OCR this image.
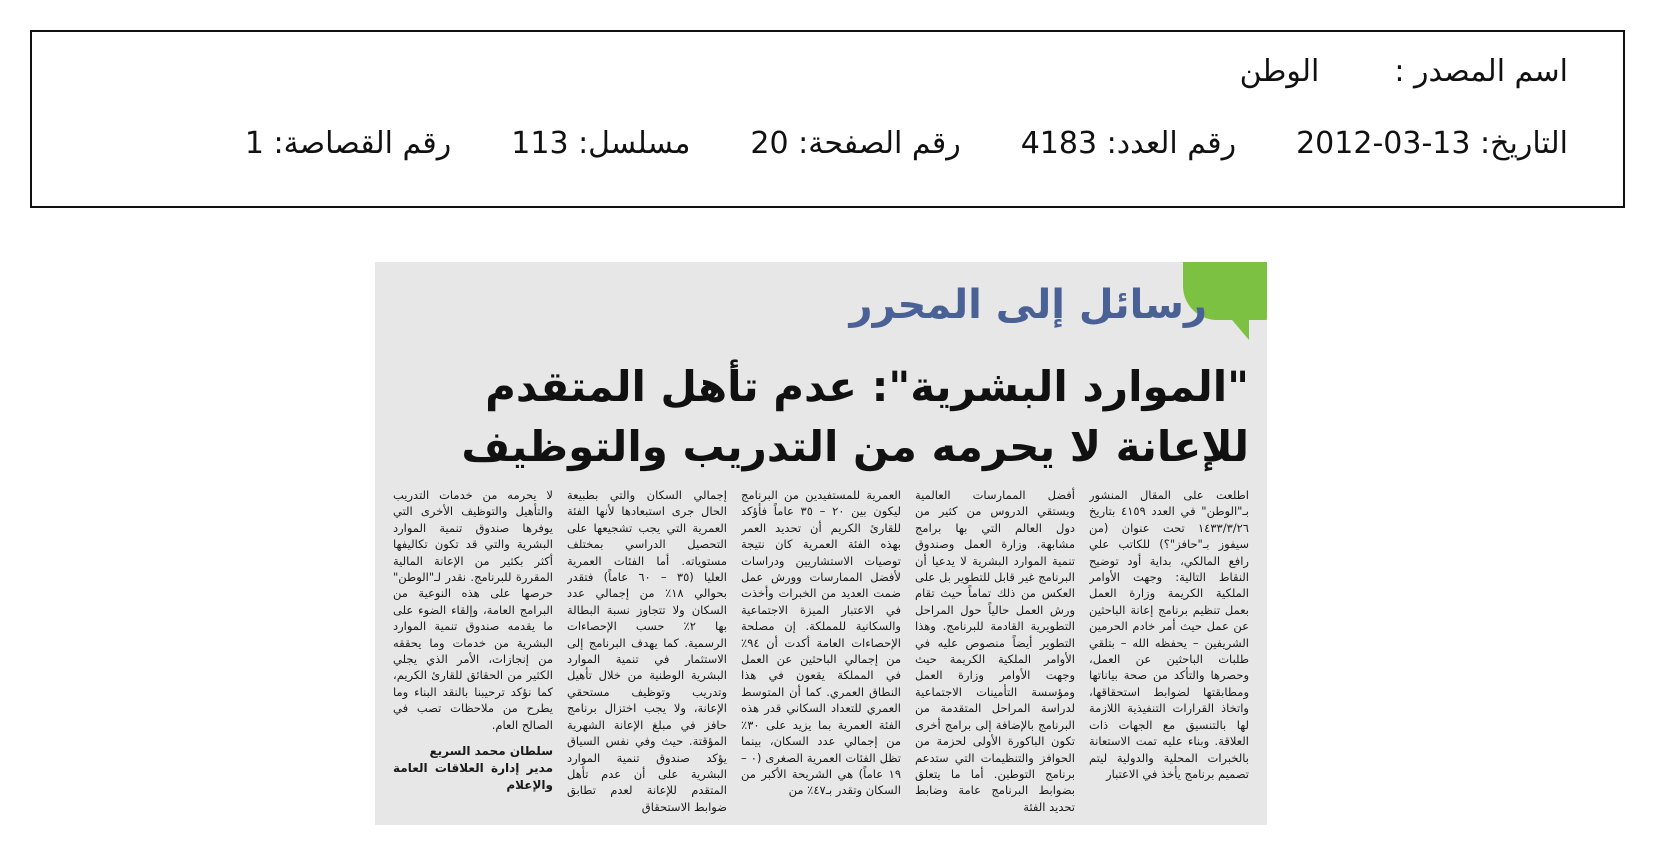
اسم المصدر :
الوطن
التاريخ: 13-03-2012
رقم العدد: 4183
رقم الصفحة: 20
مسلسل: 113
رقم القصاصة: 1
رسائل إلى المحرر
"الموارد البشرية": عدم تأهل المتقدم للإعانة لا يحرمه من التدريب والتوظيف

اطلعت على المقال المنشور بـ"الوطن" في العدد ٤١٥٩ بتاريخ ١٤٣٣/٣/٢٦ تحت عنوان (من سيفوز بـ"حافز"؟) للكاتب علي رافع المالكي، بداية أود توضيح النقاط التالية: وجهت الأوامر الملكية الكريمة وزارة العمل بعمل تنظيم برنامج إعانة الباحثين عن عمل حيث أمر خادم الحرمين الشريفين – يحفظه الله – بتلقي طلبات الباحثين عن العمل، وحصرها والتأكد من صحة بياناتها ومطابقتها لضوابط استحقاقها، واتخاذ القرارات التنفيذية اللازمة لها بالتنسيق مع الجهات ذات العلاقة. وبناء عليه تمت الاستعانة بالخبرات المحلية والدولية ليتم تصميم برنامج يأخذ في الاعتبار

أفضل الممارسات العالمية ويستقي الدروس من كثير من دول العالم التي بها برامج مشابهة. وزارة العمل وصندوق تنمية الموارد البشرية لا يدعيا أن البرنامج غير قابل للتطوير بل على العكس من ذلك تماماً حيث تقام ورش العمل حالياً حول المراحل التطويرية القادمة للبرنامج. وهذا التطوير أيضاً منصوص عليه في الأوامر الملكية الكريمة حيث وجهت الأوامر وزارة العمل ومؤسسة التأمينات الاجتماعية لدراسة المراحل المتقدمة من البرنامج بالإضافة إلى برامج أخرى تكون الباكورة الأولى لحزمة من الحوافز والتنظيمات التي ستدعم برنامج التوطين. أما ما يتعلق بضوابط البرنامج عامة وضابط تحديد الفئة

العمرية للمستفيدين من البرنامج ليكون بين ٢٠ – ٣٥ عاماً فأؤكد للقارئ الكريم أن تحديد العمر بهذه الفئة العمرية كان نتيجة توصيات الاستشاريين ودراسات لأفضل الممارسات وورش عمل ضمت العديد من الخبرات وأخذت في الاعتبار الميزة الاجتماعية والسكانية للمملكة. إن مصلحة الإحصاءات العامة أكدت أن ٩٤٪ من إجمالي الباحثين عن العمل في المملكة يقعون في هذا النطاق العمري. كما أن المتوسط العمري للتعداد السكاني قدر هذه الفئة العمرية بما يزيد على ٣٠٪ من إجمالي عدد السكان، بينما تظل الفئات العمرية الصغرى (٠ – ١٩ عاماً) هي الشريحة الأكبر من السكان وتقدر بـ٤٧٪ من

إجمالي السكان والتي بطبيعة الحال جرى استبعادها لأنها الفئة العمرية التي يجب تشجيعها على التحصيل الدراسي بمختلف مستوياته. أما الفئات العمرية العليا (٣٥ – ٦٠ عاماً) فتقدر بحوالي ١٨٪ من إجمالي عدد السكان ولا تتجاوز نسبة البطالة بها ٢٪ حسب الإحصاءات الرسمية. كما يهدف البرنامج إلى الاستثمار في تنمية الموارد البشرية الوطنية من خلال تأهيل وتدريب وتوظيف مستحقي الإعانة، ولا يجب اختزال برنامج حافز في مبلغ الإعانة الشهرية المؤقتة. حيث وفي نفس السياق يؤكد صندوق تنمية الموارد البشرية على أن عدم تأهل المتقدم للإعانة لعدم تطابق ضوابط الاستحقاق

لا يحرمه من خدمات التدريب والتأهيل والتوظيف الأخرى التي يوفرها صندوق تنمية الموارد البشرية والتي قد تكون تكاليفها أكثر بكثير من الإعانة المالية المقررة للبرنامج. نقدر لـ"الوطن" حرصها على هذه النوعية من البرامج العامة، وإلقاء الضوء على ما يقدمه صندوق تنمية الموارد البشرية من خدمات وما يحققه من إنجازات، الأمر الذي يجلي الكثير من الحقائق للقارئ الكريم، كما نؤكد ترحيبنا بالنقد البناء وما يطرح من ملاحظات تصب في الصالح العام.

سلطان محمد السريع
مدير إدارة العلاقات العامة والإعلام
